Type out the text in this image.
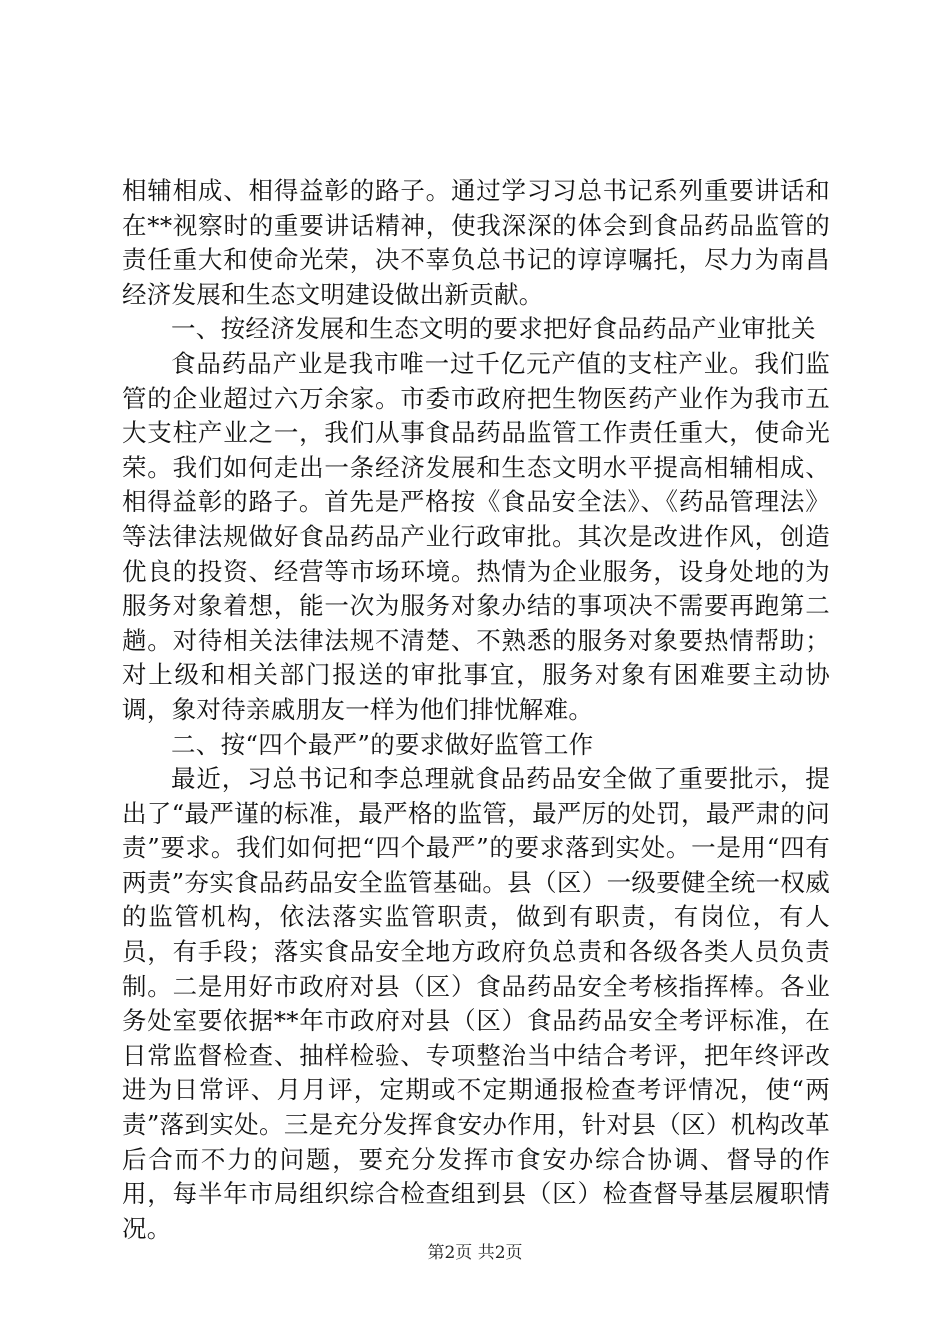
相辅相成、相得益彰的路子。通过学习习总书记系列重要讲话和在**视察时的重要讲话精神，使我深深的体会到食品药品监管的责任重大和使命光荣，决不辜负总书记的谆谆嘱托，尽力为南昌经济发展和生态文明建设做出新贡献。

一、按经济发展和生态文明的要求把好食品药品产业审批关

食品药品产业是我市唯一过千亿元产值的支柱产业。我们监管的企业超过六万余家。市委市政府把生物医药产业作为我市五大支柱产业之一，我们从事食品药品监管工作责任重大，使命光荣。我们如何走出一条经济发展和生态文明水平提高相辅相成、相得益彰的路子。首先是严格按《食品安全法》、《药品管理法》等法律法规做好食品药品产业行政审批。其次是改进作风，创造优良的投资、经营等市场环境。热情为企业服务，设身处地的为服务对象着想，能一次为服务对象办结的事项决不需要再跑第二趟。对待相关法律法规不清楚、不熟悉的服务对象要热情帮助；对上级和相关部门报送的审批事宜，服务对象有困难要主动协调，象对待亲戚朋友一样为他们排忧解难。

二、按“四个最严”的要求做好监管工作

最近，习总书记和李总理就食品药品安全做了重要批示，提出了“最严谨的标准，最严格的监管，最严厉的处罚，最严肃的问责”要求。我们如何把“四个最严”的要求落到实处。一是用“四有两责”夯实食品药品安全监管基础。县（区）一级要健全统一权威的监管机构，依法落实监管职责，做到有职责，有岗位，有人员，有手段；落实食品安全地方政府负总责和各级各类人员负责制。二是用好市政府对县（区）食品药品安全考核指挥棒。各业务处室要依据**年市政府对县（区）食品药品安全考评标准，在日常监督检查、抽样检验、专项整治当中结合考评，把年终评改进为日常评、月月评，定期或不定期通报检查考评情况，使“两责”落到实处。三是充分发挥食安办作用，针对县（区）机构改革后合而不力的问题，要充分发挥市食安办综合协调、督导的作用，每半年市局组织综合检查组到县（区）检查督导基层履职情况。

第2页 共2页
